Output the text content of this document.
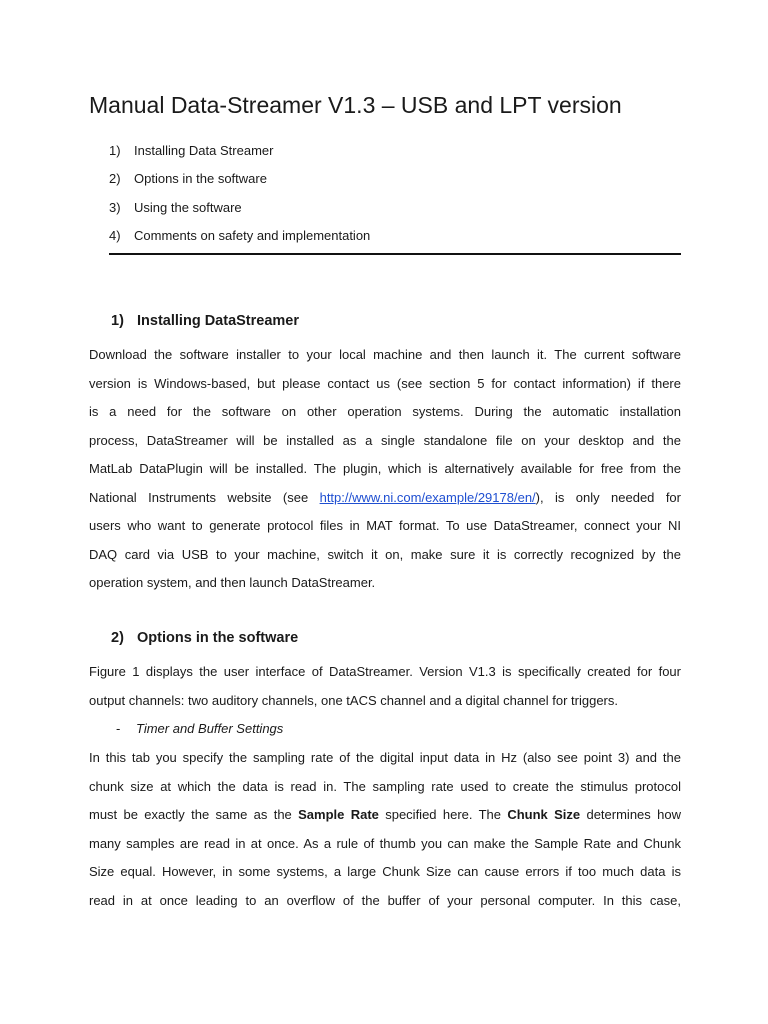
Manual Data-Streamer V1.3 – USB and LPT version
1)	Installing Data Streamer
2)	Options in the software
3)	Using the software
4)	Comments on safety and implementation
1) Installing DataStreamer
Download the software installer to your local machine and then launch it. The current software
version is Windows-based, but please contact us (see section 5 for contact information) if there
is a need for the software on other operation systems. During the automatic installation
process, DataStreamer will be installed as a single standalone file on your desktop and the
MatLab DataPlugin will be installed. The plugin, which is alternatively available for free from the
National Instruments website (see http://www.ni.com/example/29178/en/), is only needed for
users who want to generate protocol files in MAT format. To use DataStreamer, connect your NI
DAQ card via USB to your machine, switch it on, make sure it is correctly recognized by the
operation system, and then launch DataStreamer.
2) Options in the software
Figure 1 displays the user interface of DataStreamer. Version V1.3 is specifically created for four
output channels: two auditory channels, one tACS channel and a digital channel for triggers.
- Timer and Buffer Settings
In this tab you specify the sampling rate of the digital input data in Hz (also see point 3) and the
chunk size at which the data is read in. The sampling rate used to create the stimulus protocol
must be exactly the same as the Sample Rate specified here. The Chunk Size determines how
many samples are read in at once. As a rule of thumb you can make the Sample Rate and Chunk
Size equal. However, in some systems, a large Chunk Size can cause errors if too much data is
read in at once leading to an overflow of the buffer of your personal computer. In this case,
